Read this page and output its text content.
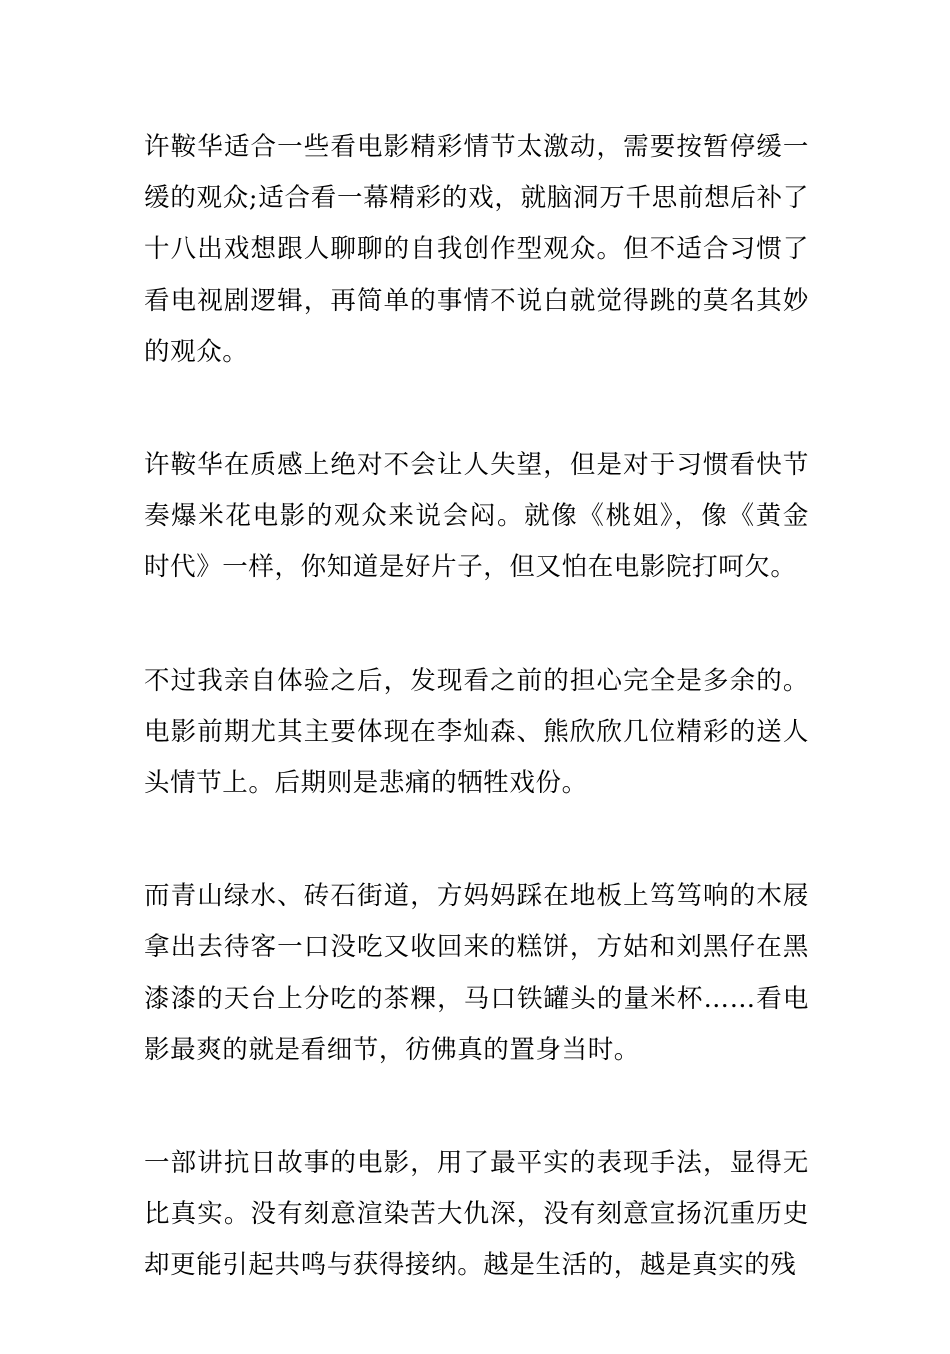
许鞍华适合一些看电影精彩情节太激动，需要按暂停缓一缓的观众;适合看一幕精彩的戏，就脑洞万千思前想后补了十八出戏想跟人聊聊的自我创作型观众。但不适合习惯了看电视剧逻辑，再简单的事情不说白就觉得跳的莫名其妙的观众。

许鞍华在质感上绝对不会让人失望，但是对于习惯看快节奏爆米花电影的观众来说会闷。就像《桃姐》，像《黄金时代》一样，你知道是好片子，但又怕在电影院打呵欠。

不过我亲自体验之后，发现看之前的担心完全是多余的。电影前期尤其主要体现在李灿森、熊欣欣几位精彩的送人头情节上。后期则是悲痛的牺牲戏份。

而青山绿水、砖石街道，方妈妈踩在地板上笃笃响的木屐拿出去待客一口没吃又收回来的糕饼，方姑和刘黑仔在黑漆漆的天台上分吃的茶粿，马口铁罐头的量米杯……看电影最爽的就是看细节，彷佛真的置身当时。

一部讲抗日故事的电影，用了最平实的表现手法，显得无比真实。没有刻意渲染苦大仇深，没有刻意宣扬沉重历史却更能引起共鸣与获得接纳。越是生活的，越是真实的残
